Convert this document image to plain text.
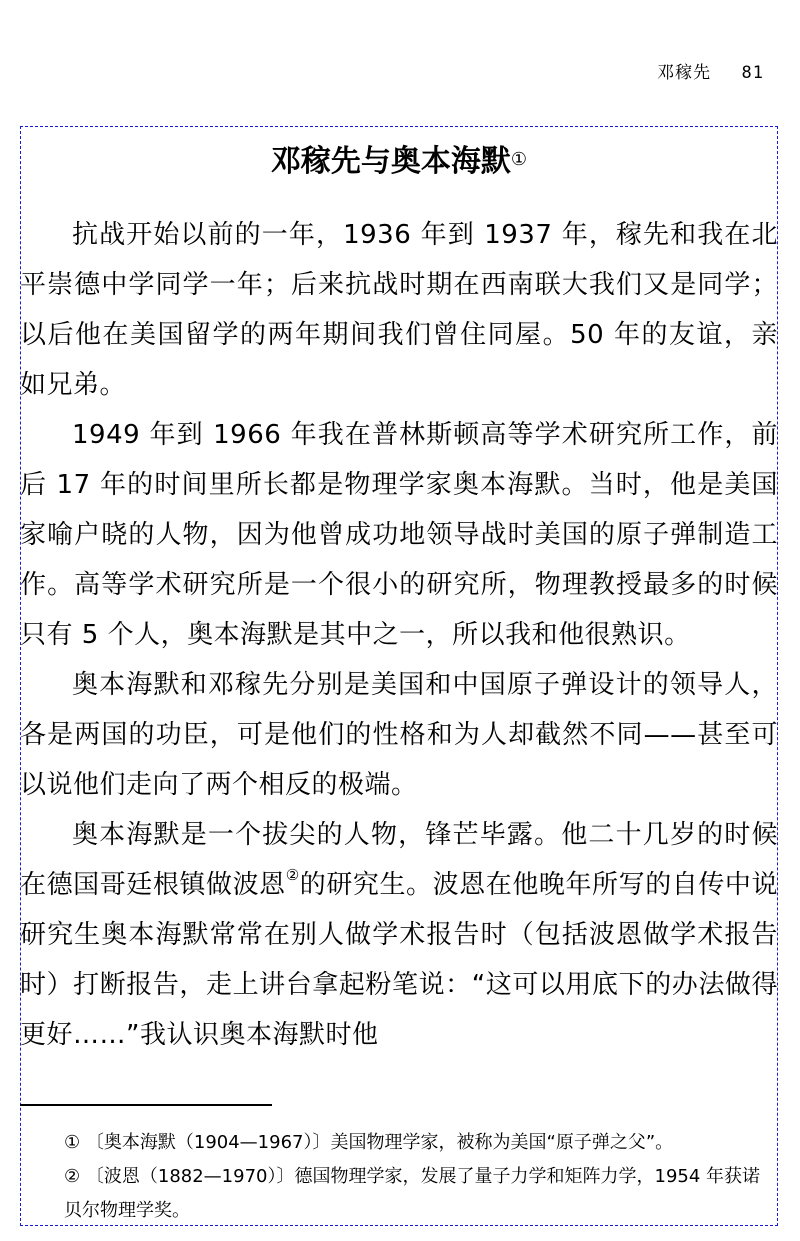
邓稼先 81
邓稼先与奥本海默①

抗战开始以前的一年，1936 年到 1937 年，稼先和我在北平崇德中学同学一年；后来抗战时期在西南联大我们又是同学；以后他在美国留学的两年期间我们曾住同屋。50 年的友谊，亲如兄弟。

1949 年到 1966 年我在普林斯顿高等学术研究所工作，前后 17 年的时间里所长都是物理学家奥本海默。当时，他是美国家喻户晓的人物，因为他曾成功地领导战时美国的原子弹制造工作。高等学术研究所是一个很小的研究所，物理教授最多的时候只有 5 个人，奥本海默是其中之一，所以我和他很熟识。

奥本海默和邓稼先分别是美国和中国原子弹设计的领导人，各是两国的功臣，可是他们的性格和为人却截然不同——甚至可以说他们走向了两个相反的极端。

奥本海默是一个拔尖的人物，锋芒毕露。他二十几岁的时候在德国哥廷根镇做波恩②的研究生。波恩在他晚年所写的自传中说研究生奥本海默常常在别人做学术报告时（包括波恩做学术报告时）打断报告，走上讲台拿起粉笔说：“这可以用底下的办法做得更好……”我认识奥本海默时他

① 〔奥本海默（1904—1967）〕美国物理学家，被称为美国“原子弹之父”。

② 〔波恩（1882—1970）〕德国物理学家，发展了量子力学和矩阵力学，1954 年获诺贝尔物理学奖。
